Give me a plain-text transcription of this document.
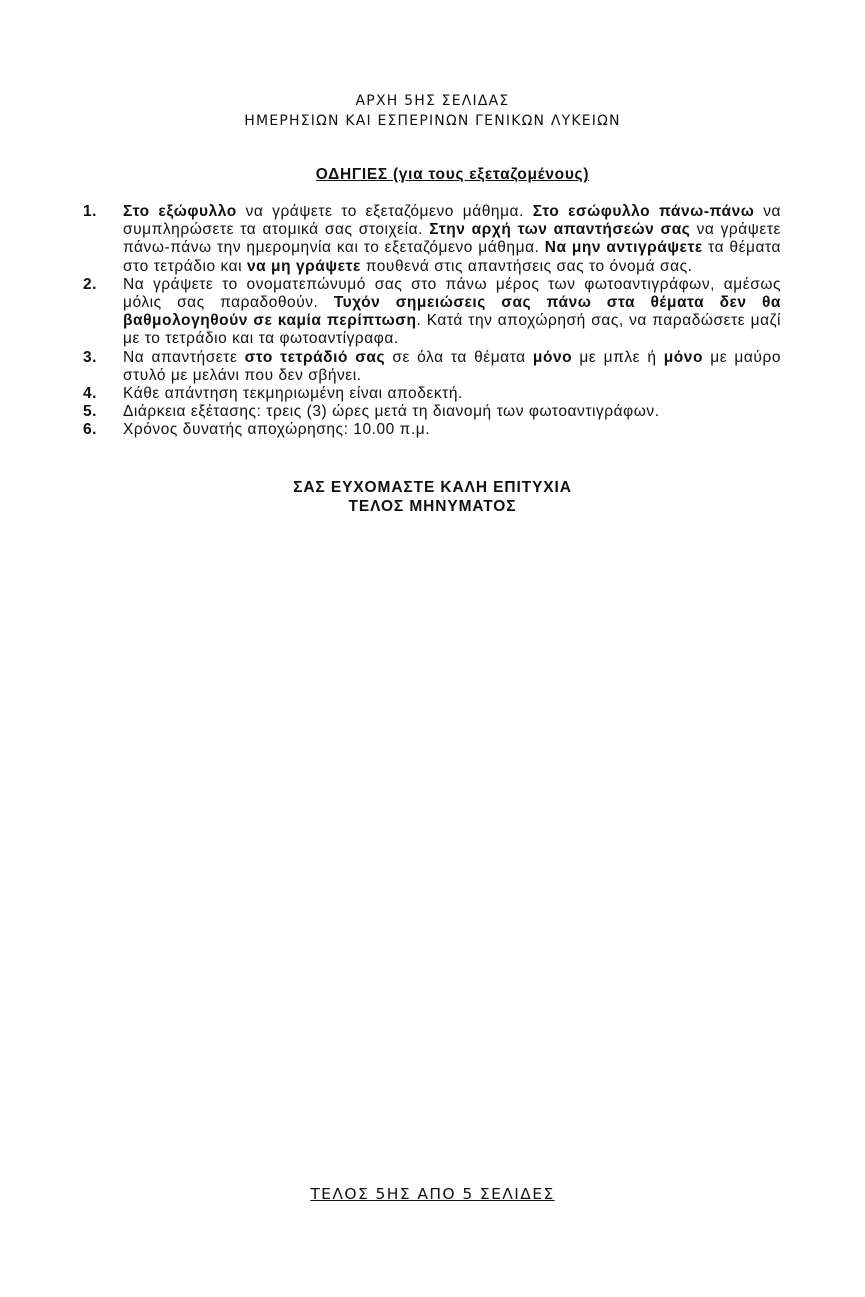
ΑΡΧΗ 5ΗΣ ΣΕΛΙΔΑΣ
ΗΜΕΡΗΣΙΩΝ ΚΑΙ ΕΣΠΕΡΙΝΩΝ ΓΕΝΙΚΩΝ ΛΥΚΕΙΩΝ
ΟΔΗΓΙΕΣ (για τους εξεταζομένους)
1. Στο εξώφυλλο να γράψετε το εξεταζόμενο μάθημα. Στο εσώφυλλο πάνω-πάνω να συμπληρώσετε τα ατομικά σας στοιχεία. Στην αρχή των απαντήσεών σας να γράψετε πάνω-πάνω την ημερομηνία και το εξεταζόμενο μάθημα. Να μην αντιγράψετε τα θέματα στο τετράδιο και να μη γράψετε πουθενά στις απαντήσεις σας το όνομά σας.
2. Να γράψετε το ονοματεπώνυμό σας στο πάνω μέρος των φωτοαντιγράφων, αμέσως μόλις σας παραδοθούν. Τυχόν σημειώσεις σας πάνω στα θέματα δεν θα βαθμολογηθούν σε καμία περίπτωση. Κατά την αποχώρησή σας, να παραδώσετε μαζί με το τετράδιο και τα φωτοαντίγραφα.
3. Να απαντήσετε στο τετράδιό σας σε όλα τα θέματα μόνο με μπλε ή μόνο με μαύρο στυλό με μελάνι που δεν σβήνει.
4. Κάθε απάντηση τεκμηριωμένη είναι αποδεκτή.
5. Διάρκεια εξέτασης: τρεις (3) ώρες μετά τη διανομή των φωτοαντιγράφων.
6. Χρόνος δυνατής αποχώρησης: 10.00 π.μ.
ΣΑΣ ΕΥΧΟΜΑΣΤΕ ΚΑΛΗ ΕΠΙΤΥΧΙΑ
ΤΕΛΟΣ ΜΗΝΥΜΑΤΟΣ
ΤΕΛΟΣ 5ΗΣ ΑΠΟ 5 ΣΕΛΙΔΕΣ
